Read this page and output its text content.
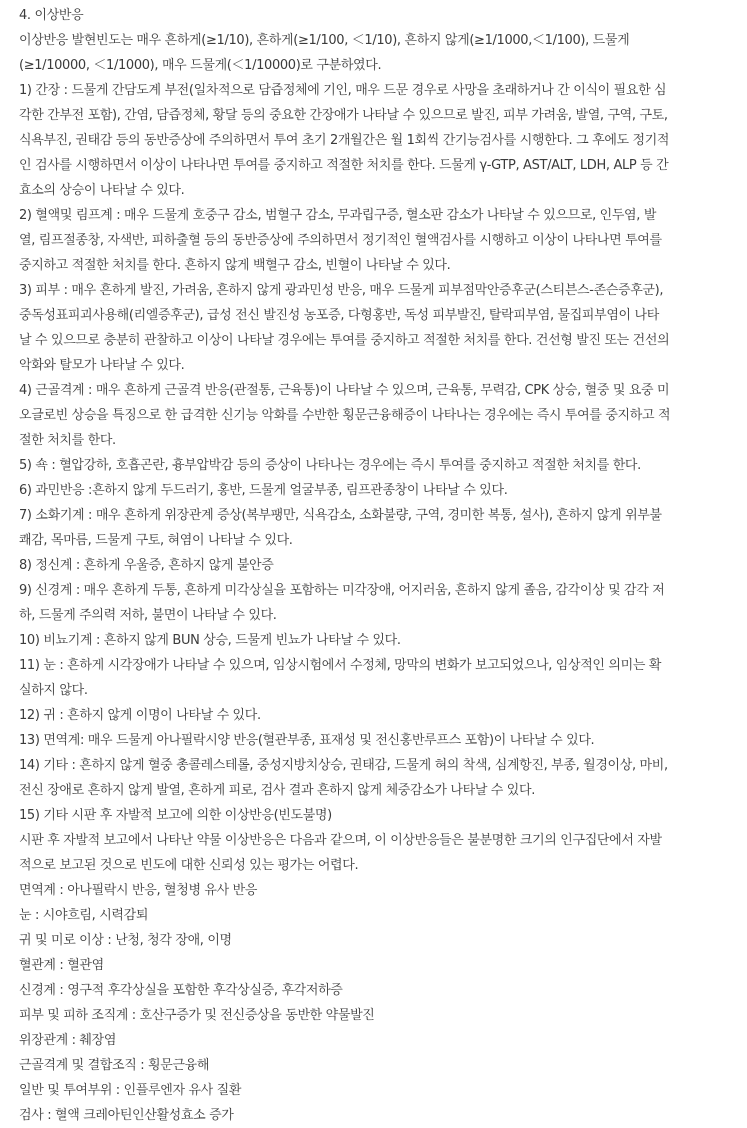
4. 이상반응
이상반응 발현빈도는 매우 흔하게(≥1/10), 흔하게(≥1/100, ＜1/10), 흔하지 않게(≥1/1000,＜1/100), 드물게
(≥1/10000, ＜1/1000), 매우 드물게(＜1/10000)로 구분하였다.
1) 간장 : 드물게 간담도계 부전(일차적으로 담즙정체에 기인, 매우 드문 경우로 사망을 초래하거나 간 이식이 필요한 심
각한 간부전 포함), 간염, 담즙정체, 황달 등의 중요한 간장애가 나타날 수 있으므로 발진, 피부 가려움, 발열, 구역, 구토,
식욕부진, 권태감 등의 동반증상에 주의하면서 투여 초기 2개월간은 월 1회씩 간기능검사를 시행한다. 그 후에도 정기적
인 검사를 시행하면서 이상이 나타나면 투여를 중지하고 적절한 처치를 한다. 드물게 γ-GTP, AST/ALT, LDH, ALP 등 간
효소의 상승이 나타날 수 있다.
2) 혈액및 림프계 : 매우 드물게 호중구 감소, 범혈구 감소, 무과립구증, 혈소판 감소가 나타날 수 있으므로, 인두염, 발
열, 림프절종창, 자색반, 피하출혈 등의 동반증상에 주의하면서 정기적인 혈액검사를 시행하고 이상이 나타나면 투여를
중지하고 적절한 처치를 한다. 흔하지 않게 백혈구 감소, 빈혈이 나타날 수 있다.
3) 피부 : 매우 흔하게 발진, 가려움, 흔하지 않게 광과민성 반응, 매우 드물게 피부점막안증후군(스티븐스-존슨증후군),
중독성표피괴사용해(리엘증후군), 급성 전신 발진성 농포증, 다형홍반, 독성 피부발진, 탈락피부염, 물집피부염이 나타
날 수 있으므로 충분히 관찰하고 이상이 나타날 경우에는 투여를 중지하고 적절한 처치를 한다. 건선형 발진 또는 건선의
악화와 탈모가 나타날 수 있다.
4) 근골격계 : 매우 흔하게 근골격 반응(관절통, 근육통)이 나타날 수 있으며, 근육통, 무력감, CPK 상승, 혈중 및 요중 미
오글로빈 상승을 특징으로 한 급격한 신기능 악화를 수반한 횡문근융해증이 나타나는 경우에는 즉시 투여를 중지하고 적
절한 처치를 한다.
5) 쇽 : 혈압강하, 호흡곤란, 흉부압박감 등의 증상이 나타나는 경우에는 즉시 투여를 중지하고 적절한 처치를 한다.
6) 과민반응 :흔하지 않게 두드러기, 홍반, 드물게 얼굴부종, 림프관종창이 나타날 수 있다.
7) 소화기계 : 매우 흔하게 위장관계 증상(복부팽만, 식욕감소, 소화불량, 구역, 경미한 복통, 설사), 흔하지 않게 위부불
쾌감, 목마름, 드물게 구토, 혀염이 나타날 수 있다.
8) 정신계 : 흔하게 우울증, 흔하지 않게 불안증
9) 신경계 : 매우 흔하게 두통, 흔하게 미각상실을 포함하는 미각장애, 어지러움, 흔하지 않게 졸음, 감각이상 및 감각 저
하, 드물게 주의력 저하, 불면이 나타날 수 있다.
10) 비뇨기계 : 흔하지 않게 BUN 상승, 드물게 빈뇨가 나타날 수 있다.
11) 눈 : 흔하게 시각장애가 나타날 수 있으며, 임상시험에서 수정체, 망막의 변화가 보고되었으나, 임상적인 의미는 확
실하지 않다.
12) 귀 : 흔하지 않게 이명이 나타날 수 있다.
13) 면역계: 매우 드물게 아나필락시양 반응(혈관부종, 표재성 및 전신홍반루프스 포함)이 나타날 수 있다.
14) 기타 : 흔하지 않게 혈중 총콜레스테롤, 중성지방치상승, 권태감, 드물게 혀의 착색, 심계항진, 부종, 월경이상, 마비,
전신 장애로 흔하지 않게 발열, 흔하게 피로, 검사 결과 흔하지 않게 체중감소가 나타날 수 있다.
15) 기타 시판 후 자발적 보고에 의한 이상반응(빈도불명)
시판 후 자발적 보고에서 나타난 약물 이상반응은 다음과 같으며, 이 이상반응들은 불분명한 크기의 인구집단에서 자발
적으로 보고된 것으로 빈도에 대한 신뢰성 있는 평가는 어렵다.
면역계 : 아나필락시 반응, 혈청병 유사 반응
눈 : 시야흐림, 시력감퇴
귀 및 미로 이상 : 난청, 청각 장애, 이명
혈관계 : 혈관염
신경계 : 영구적 후각상실을 포함한 후각상실증, 후각저하증
피부 및 피하 조직계 : 호산구증가 및 전신증상을 동반한 약물발진
위장관계 : 췌장염
근골격계 및 결합조직 : 횡문근융해
일반 및 투여부위 : 인플루엔자 유사 질환
검사 : 혈액 크레아틴인산활성효소 증가
